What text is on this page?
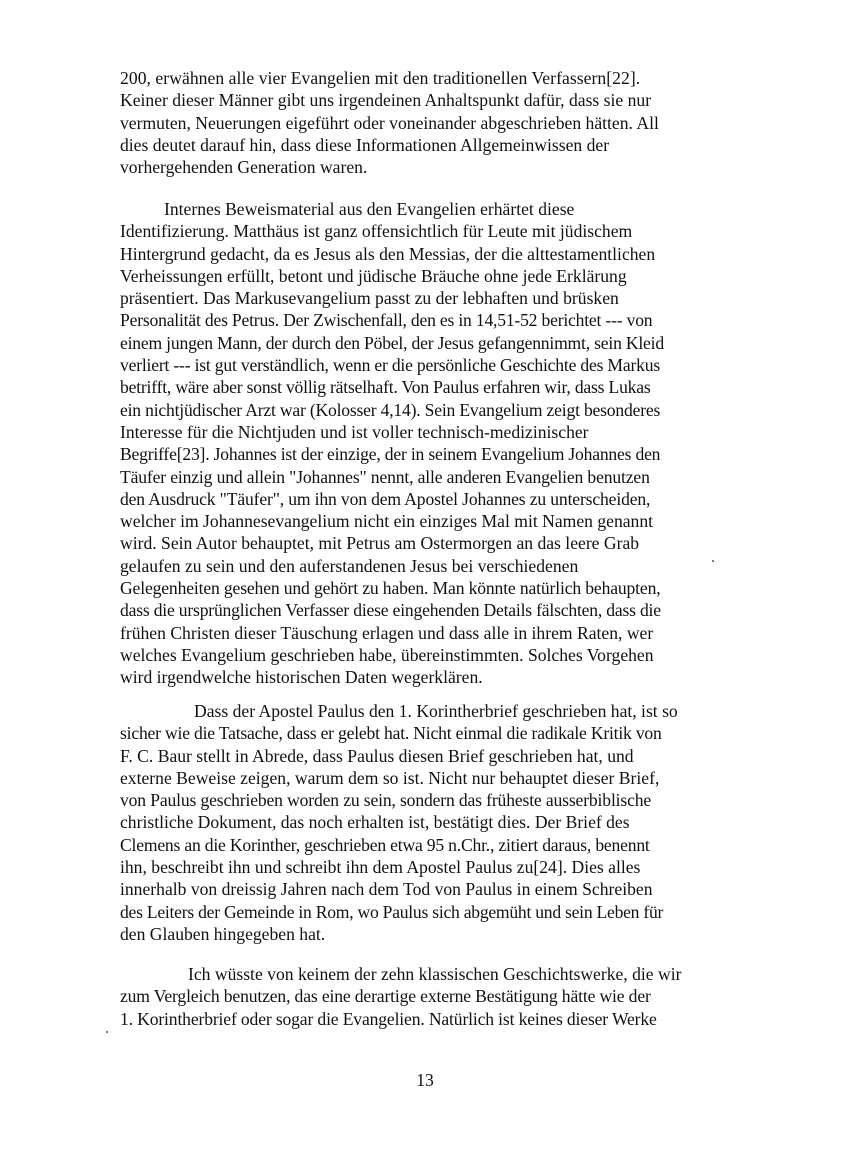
200, erwähnen alle vier Evangelien mit den traditionellen Verfassern[22].
Keiner dieser Männer gibt uns irgendeinen Anhaltspunkt dafür, dass sie nur
vermuten, Neuerungen eigeführt oder voneinander abgeschrieben hätten. All
dies deutet darauf hin, dass diese Informationen Allgemeinwissen der
vorhergehenden Generation waren.
Internes Beweismaterial aus den Evangelien erhärtet diese
Identifizierung. Matthäus ist ganz offensichtlich für Leute mit jüdischem
Hintergrund gedacht, da es Jesus als den Messias, der die alttestamentlichen
Verheissungen erfüllt, betont und jüdische Bräuche ohne jede Erklärung
präsentiert. Das Markusevangelium passt zu der lebhaften und brüsken
Personalität des Petrus. Der Zwischenfall, den es in 14,51-52 berichtet --- von
einem jungen Mann, der durch den Pöbel, der Jesus gefangennimmt, sein Kleid
verliert --- ist gut verständlich, wenn er die persönliche Geschichte des Markus
betrifft, wäre aber sonst völlig rätselhaft. Von Paulus erfahren wir, dass Lukas
ein nichtjüdischer Arzt war (Kolosser 4,14). Sein Evangelium zeigt besonderes
Interesse für die Nichtjuden und ist voller technisch-medizinischer
Begriffe[23]. Johannes ist der einzige, der in seinem Evangelium Johannes den
Täufer einzig und allein "Johannes" nennt, alle anderen Evangelien benutzen
den Ausdruck "Täufer", um ihn von dem Apostel Johannes zu unterscheiden,
welcher im Johannesevangelium nicht ein einziges Mal mit Namen genannt
wird. Sein Autor behauptet, mit Petrus am Ostermorgen an das leere Grab
gelaufen zu sein und den auferstandenen Jesus bei verschiedenen
Gelegenheiten gesehen und gehört zu haben. Man könnte natürlich behaupten,
dass die ursprünglichen Verfasser diese eingehenden Details fälschten, dass die
frühen Christen dieser Täuschung erlagen und dass alle in ihrem Raten, wer
welches Evangelium geschrieben habe, übereinstimmten. Solches Vorgehen
wird irgendwelche historischen Daten wegerklären.
Dass der Apostel Paulus den 1. Korintherbrief geschrieben hat, ist so
sicher wie die Tatsache, dass er gelebt hat. Nicht einmal die radikale Kritik von
F. C. Baur stellt in Abrede, dass Paulus diesen Brief geschrieben hat, und
externe Beweise zeigen, warum dem so ist. Nicht nur behauptet dieser Brief,
von Paulus geschrieben worden zu sein, sondern das früheste ausserbiblische
christliche Dokument, das noch erhalten ist, bestätigt dies. Der Brief des
Clemens an die Korinther, geschrieben etwa 95 n.Chr., zitiert daraus, benennt
ihn, beschreibt ihn und schreibt ihn dem Apostel Paulus zu[24]. Dies alles
innerhalb von dreissig Jahren nach dem Tod von Paulus in einem Schreiben
des Leiters der Gemeinde in Rom, wo Paulus sich abgemüht und sein Leben für
den Glauben hingegeben hat.
Ich wüsste von keinem der zehn klassischen Geschichtswerke, die wir
zum Vergleich benutzen, das eine derartige externe Bestätigung hätte wie der
1. Korintherbrief oder sogar die Evangelien. Natürlich ist keines dieser Werke
13
